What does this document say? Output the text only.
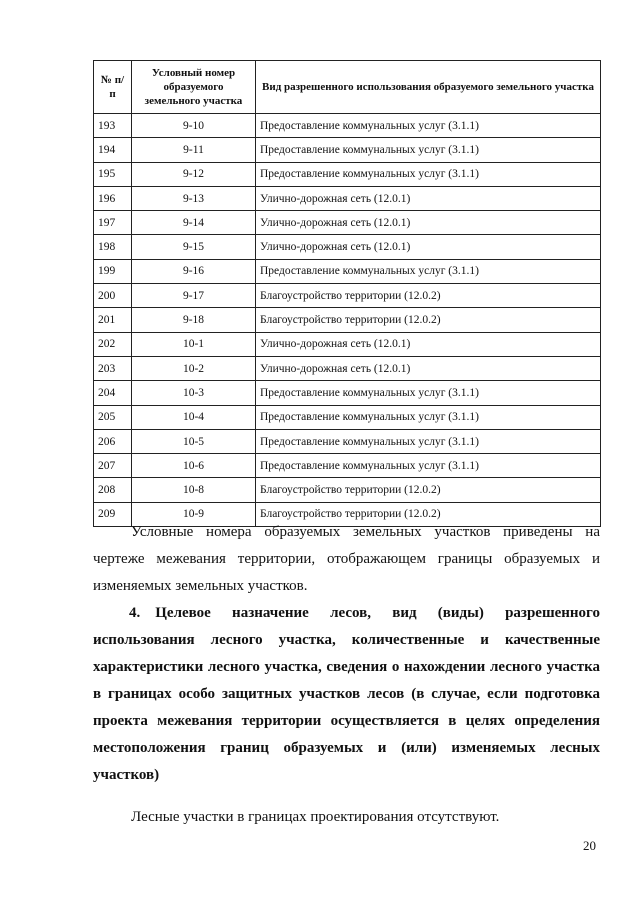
№ п/п	Условный номер образуемого земельного участка	Вид разрешенного использования образуемого земельного участка
193	9-10	Предоставление коммунальных услуг (3.1.1)
194	9-11	Предоставление коммунальных услуг (3.1.1)
195	9-12	Предоставление коммунальных услуг (3.1.1)
196	9-13	Улично-дорожная сеть (12.0.1)
197	9-14	Улично-дорожная сеть (12.0.1)
198	9-15	Улично-дорожная сеть (12.0.1)
199	9-16	Предоставление коммунальных услуг (3.1.1)
200	9-17	Благоустройство территории (12.0.2)
201	9-18	Благоустройство территории (12.0.2)
202	10-1	Улично-дорожная сеть (12.0.1)
203	10-2	Улично-дорожная сеть (12.0.1)
204	10-3	Предоставление коммунальных услуг (3.1.1)
205	10-4	Предоставление коммунальных услуг (3.1.1)
206	10-5	Предоставление коммунальных услуг (3.1.1)
207	10-6	Предоставление коммунальных услуг (3.1.1)
208	10-8	Благоустройство территории (12.0.2)
209	10-9	Благоустройство территории (12.0.2)

Условные номера образуемых земельных участков приведены на чертеже межевания территории, отображающем границы образуемых и изменяемых земельных участков.

4. Целевое назначение лесов, вид (виды) разрешенного использования лесного участка, количественные и качественные характеристики лесного участка, сведения о нахождении лесного участка в границах особо защитных участков лесов (в случае, если подготовка проекта межевания территории осуществляется в целях определения местоположения границ образуемых и (или) изменяемых лесных участков)

Лесные участки в границах проектирования отсутствуют.

20
